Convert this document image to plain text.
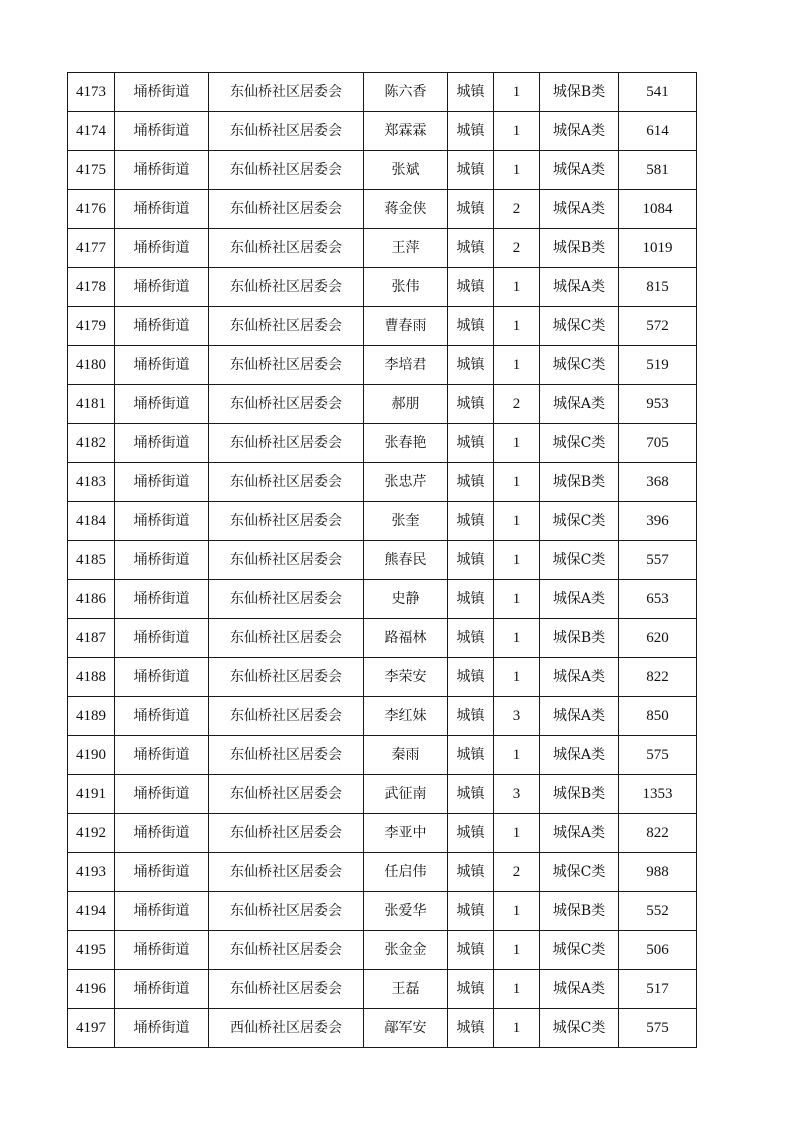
4173	埇桥街道	东仙桥社区居委会	陈六香	城镇	1	城保B类	541
4174	埇桥街道	东仙桥社区居委会	郑霖霖	城镇	1	城保A类	614
4175	埇桥街道	东仙桥社区居委会	张斌	城镇	1	城保A类	581
4176	埇桥街道	东仙桥社区居委会	蒋金侠	城镇	2	城保A类	1084
4177	埇桥街道	东仙桥社区居委会	王萍	城镇	2	城保B类	1019
4178	埇桥街道	东仙桥社区居委会	张伟	城镇	1	城保A类	815
4179	埇桥街道	东仙桥社区居委会	曹春雨	城镇	1	城保C类	572
4180	埇桥街道	东仙桥社区居委会	李培君	城镇	1	城保C类	519
4181	埇桥街道	东仙桥社区居委会	郝朋	城镇	2	城保A类	953
4182	埇桥街道	东仙桥社区居委会	张春艳	城镇	1	城保C类	705
4183	埇桥街道	东仙桥社区居委会	张忠芹	城镇	1	城保B类	368
4184	埇桥街道	东仙桥社区居委会	张奎	城镇	1	城保C类	396
4185	埇桥街道	东仙桥社区居委会	熊春民	城镇	1	城保C类	557
4186	埇桥街道	东仙桥社区居委会	史静	城镇	1	城保A类	653
4187	埇桥街道	东仙桥社区居委会	路福林	城镇	1	城保B类	620
4188	埇桥街道	东仙桥社区居委会	李荣安	城镇	1	城保A类	822
4189	埇桥街道	东仙桥社区居委会	李红妹	城镇	3	城保A类	850
4190	埇桥街道	东仙桥社区居委会	秦雨	城镇	1	城保A类	575
4191	埇桥街道	东仙桥社区居委会	武征南	城镇	3	城保B类	1353
4192	埇桥街道	东仙桥社区居委会	李亚中	城镇	1	城保A类	822
4193	埇桥街道	东仙桥社区居委会	任启伟	城镇	2	城保C类	988
4194	埇桥街道	东仙桥社区居委会	张爱华	城镇	1	城保B类	552
4195	埇桥街道	东仙桥社区居委会	张金金	城镇	1	城保C类	506
4196	埇桥街道	东仙桥社区居委会	王磊	城镇	1	城保A类	517
4197	埇桥街道	西仙桥社区居委会	鄗军安	城镇	1	城保C类	575
